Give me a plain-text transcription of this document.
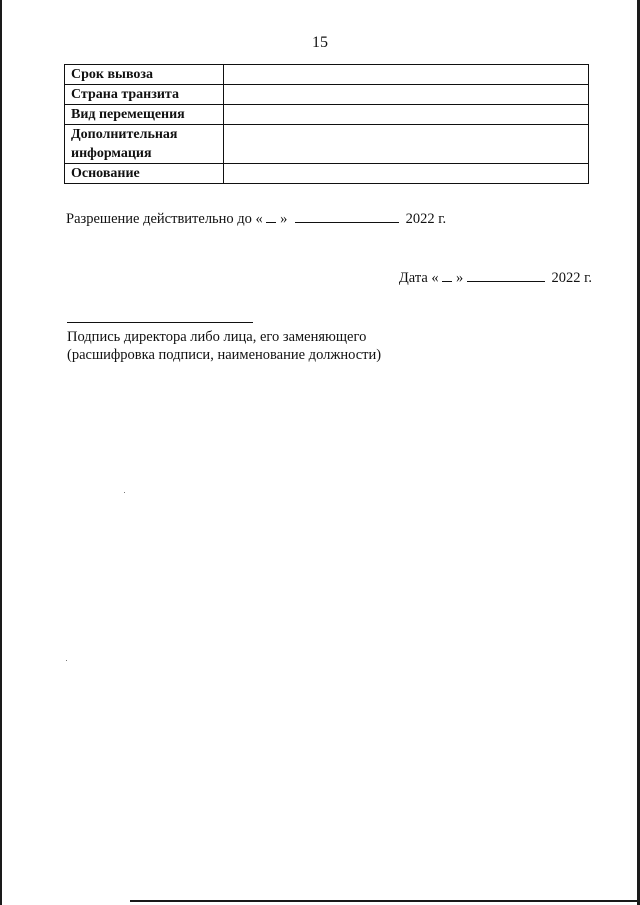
15
Срок вывоза	
Страна транзита	
Вид перемещения	
Дополнительная информация	
Основание	
Разрешение действительно до « »	2022 г.
Дата « »	2022 г.
Подпись директора либо лица, его заменяющего
(расшифровка подписи, наименование должности)
